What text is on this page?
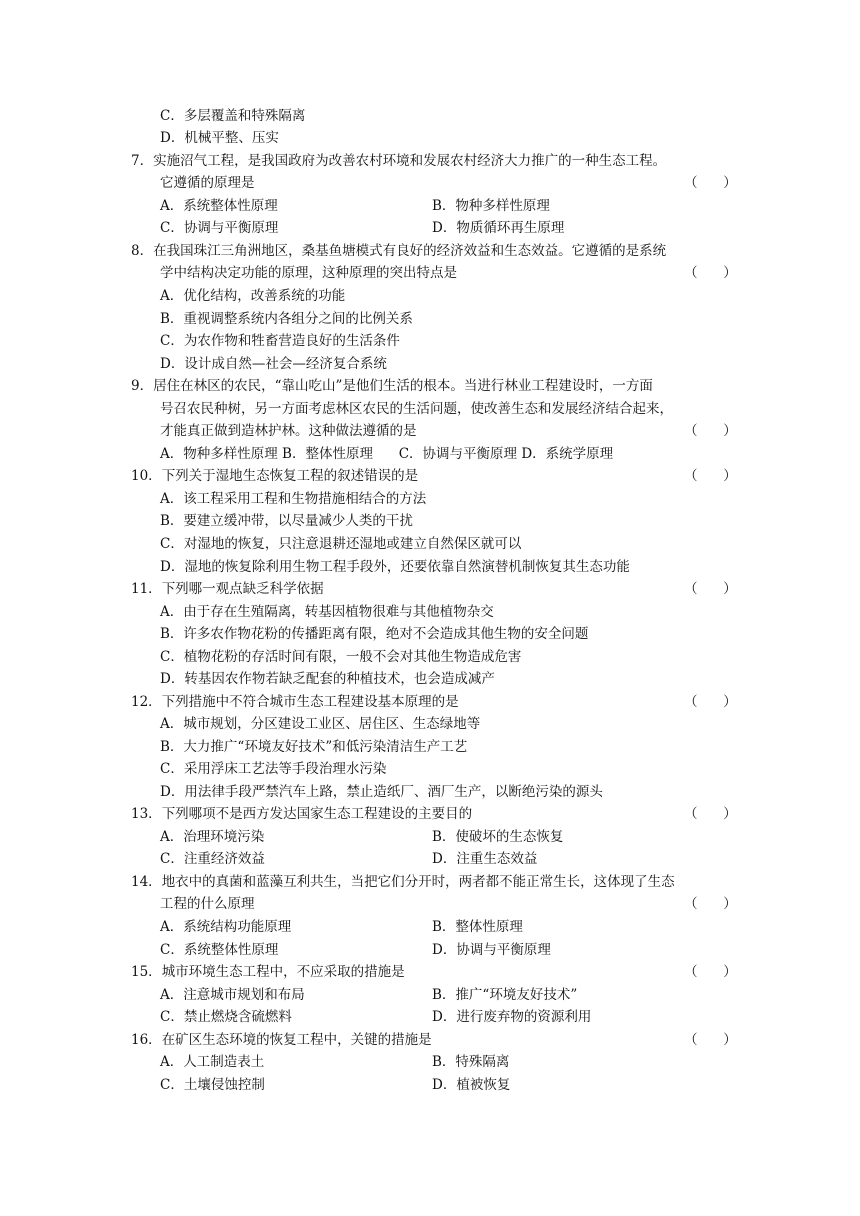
C．多层覆盖和特殊隔离
D．机械平整、压实
7．实施沼气工程，是我国政府为改善农村环境和发展农村经济大力推广的一种生态工程。
它遵循的原理是	（      ）
A．系统整体性原理	B．物种多样性原理
C．协调与平衡原理	D．物质循环再生原理
8．在我国珠江三角洲地区，桑基鱼塘模式有良好的经济效益和生态效益。它遵循的是系统
学中结构决定功能的原理，这种原理的突出特点是	（      ）
A．优化结构，改善系统的功能
B．重视调整系统内各组分之间的比例关系
C．为农作物和牲畜营造良好的生活条件
D．设计成自然—社会—经济复合系统
9．居住在林区的农民，“靠山吃山”是他们生活的根本。当进行林业工程建设时，一方面
号召农民种树，另一方面考虑林区农民的生活问题，使改善生态和发展经济结合起来，
才能真正做到造林护林。这种做法遵循的是	（      ）
A．物种多样性原理 B．整体性原理      C．协调与平衡原理 D．系统学原理
10．下列关于湿地生态恢复工程的叙述错误的是	（      ）
A．该工程采用工程和生物措施相结合的方法
B．要建立缓冲带，以尽量减少人类的干扰
C．对湿地的恢复，只注意退耕还湿地或建立自然保区就可以
D．湿地的恢复除利用生物工程手段外，还要依靠自然演替机制恢复其生态功能
11．下列哪一观点缺乏科学依据	（      ）
A．由于存在生殖隔离，转基因植物很难与其他植物杂交
B．许多农作物花粉的传播距离有限，绝对不会造成其他生物的安全问题
C．植物花粉的存活时间有限，一般不会对其他生物造成危害
D．转基因农作物若缺乏配套的种植技术，也会造成减产
12．下列措施中不符合城市生态工程建设基本原理的是	（      ）
A．城市规划，分区建设工业区、居住区、生态绿地等
B．大力推广“环境友好技术”和低污染清洁生产工艺
C．采用浮床工艺法等手段治理水污染
D．用法律手段严禁汽车上路，禁止造纸厂、酒厂生产，以断绝污染的源头
13．下列哪项不是西方发达国家生态工程建设的主要目的	（      ）
A．治理环境污染	B．使破坏的生态恢复
C．注重经济效益	D．注重生态效益
14．地衣中的真菌和蓝藻互利共生，当把它们分开时，两者都不能正常生长，这体现了生态
工程的什么原理	（      ）
A．系统结构功能原理	B．整体性原理
C．系统整体性原理	D．协调与平衡原理
15．城市环境生态工程中，不应采取的措施是	（      ）
A．注意城市规划和布局	B．推广“环境友好技术”
C．禁止燃烧含硫燃料	D．进行废弃物的资源利用
16．在矿区生态环境的恢复工程中，关键的措施是	（      ）
A．人工制造表土	B．特殊隔离
C．土壤侵蚀控制	D．植被恢复
